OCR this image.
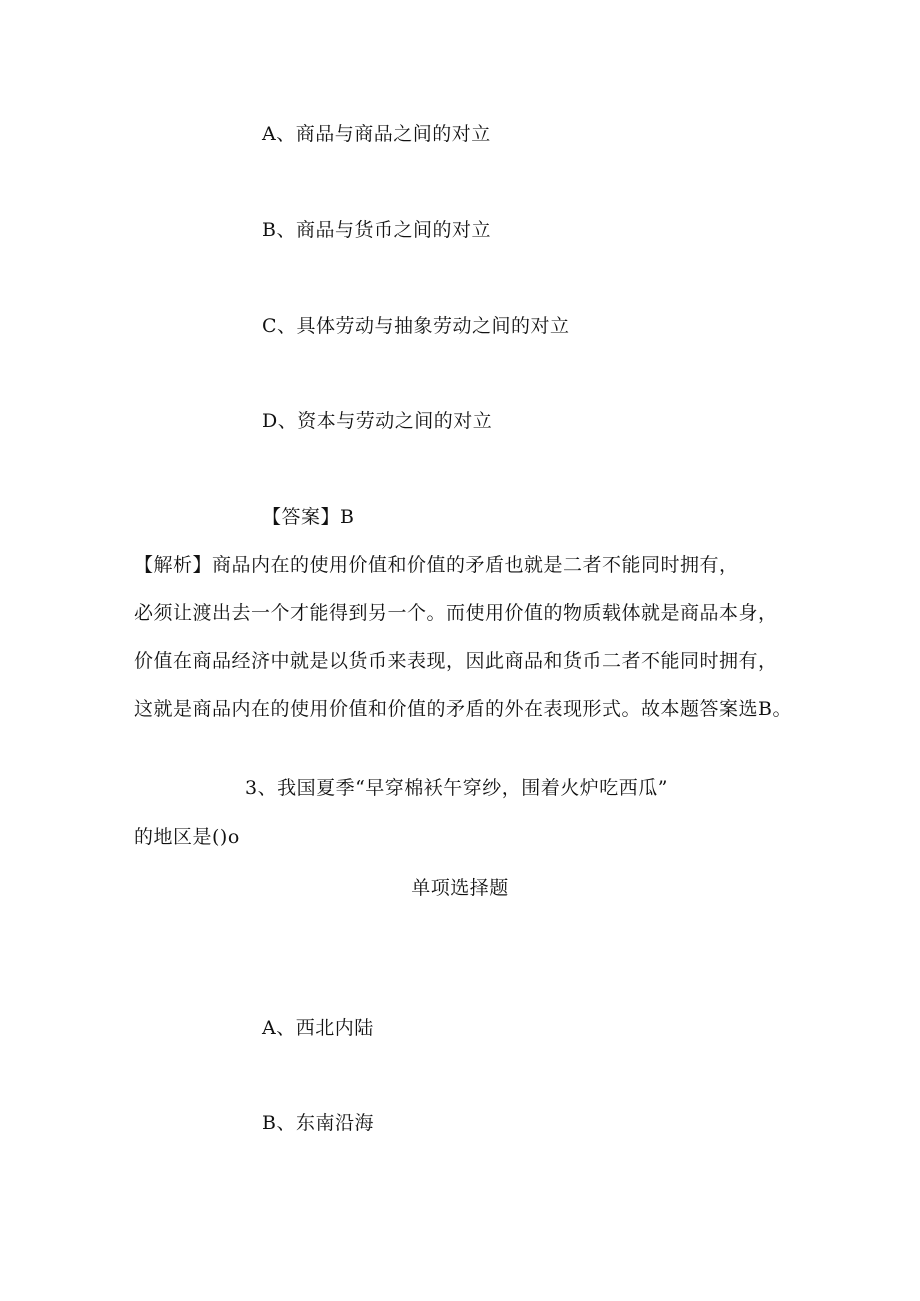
A、商品与商品之间的对立
B、商品与货币之间的对立
C、具体劳动与抽象劳动之间的对立
D、资本与劳动之间的对立
【答案】B
【解析】商品内在的使用价值和价值的矛盾也就是二者不能同时拥有，
必须让渡出去一个才能得到另一个。而使用价值的物质载体就是商品本身，
价值在商品经济中就是以货币来表现，因此商品和货币二者不能同时拥有，
这就是商品内在的使用价值和价值的矛盾的外在表现形式。故本题答案选B。
3、我国夏季“早穿棉袄午穿纱，围着火炉吃西瓜”
的地区是()o
单项选择题
A、西北内陆
B、东南沿海
